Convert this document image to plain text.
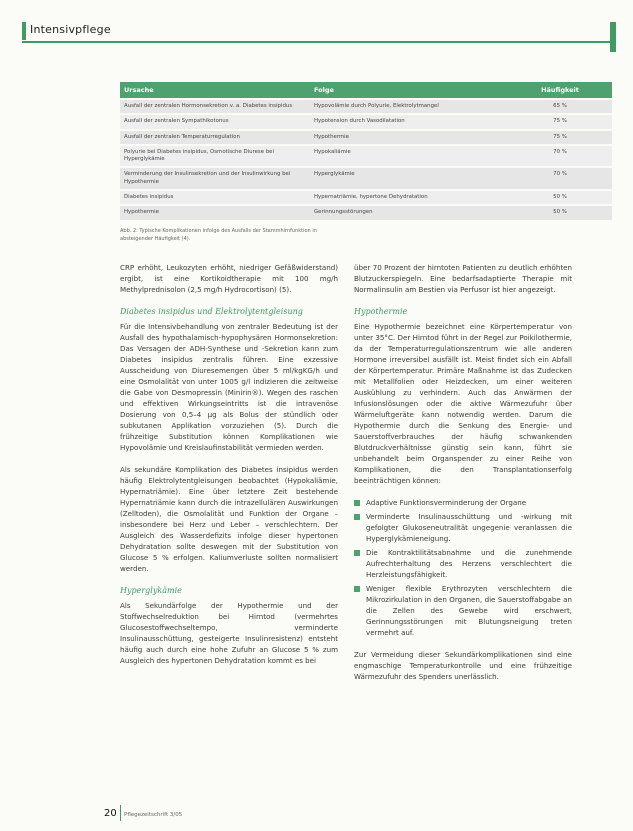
Intensivpflege
Ursache	Folge	Häufigkeit
Ausfall der zentralen Hormonsekretion v. a. Diabetes insipidus	Hypovolämie durch Polyurie, Elektrolytmangel	65 %
Ausfall der zentralen Sympathikotonus	Hypotension durch Vasodilatation	75 %
Ausfall der zentralen Temperaturregulation	Hypothermie	75 %
Polyurie bei Diabetes insipidus, Osmotische Diurese bei Hyperglykämie	Hypokaliämie	70 %
Verminderung der Insulinsekretion und der Insulinwirkung bei Hypothermie	Hyperglykämie	70 %
Diabetes insipidus	Hypernatriämie, hypertone Dehydratation	50 %
Hypothermie	Gerinnungsstörungen	50 %
Abb. 2: Typische Komplikationen infolge des Ausfalls der Stammhirnfunktion in absteigender Häufigkeit (4).

CRP erhöht, Leukozyten erhöht, niedriger Gefäßwiderstand) ergibt, ist eine Kortikoidtherapie mit 100 mg/h Methylprednisolon (2,5 mg/h Hydrocortison) (5).

Diabetes insipidus und Elektrolytentgleisung

Für die Intensivbehandlung von zentraler Bedeutung ist der Ausfall des hypothalamisch-hypophysären Hormonsekretion: Das Versagen der ADH-Synthese und -Sekretion kann zum Diabetes insipidus zentralis führen. Eine exzessive Ausscheidung von Diuresemengen über 5 ml/kgKG/h und eine Osmolalität von unter 1005 g/l indizieren die zeitweise die Gabe von Desmopressin (Minirin®). Wegen des raschen und effektiven Wirkungseintritts ist die intravenöse Dosierung von 0,5–4 µg als Bolus der stündlich oder subkutanen Applikation vorzuziehen (5). Durch die frühzeitige Substitution können Komplikationen wie Hypovolämie und Kreislaufinstabilität vermieden werden.

Als sekundäre Komplikation des Diabetes insipidus werden häufig Elektrolytentgleisungen beobachtet (Hypokaliämie, Hypernatriämie). Eine über letztere Zeit bestehende Hypernatriämie kann durch die intrazellulären Auswirkungen (Zelltoden), die Osmolalität und Funktion der Organe – insbesondere bei Herz und Leber – verschlechtern. Der Ausgleich des Wasserdefizits infolge dieser hypertonen Dehydratation sollte deswegen mit der Substitution von Glucose 5 % erfolgen. Kaliumverluste sollten normalisiert werden.

Hyperglykämie

Als Sekundärfolge der Hypothermie und der Stoffwechselreduktion bei Hirntod (vermehrtes Glucosestoffwechseltempo, verminderte Insulinausschüttung, gesteigerte Insulinresistenz) entsteht häufig auch durch eine hohe Zufuhr an Glucose 5 % zum Ausgleich des hypertonen Dehydratation kommt es bei

über 70 Prozent der hirntoten Patienten zu deutlich erhöhten Blutzuckerspiegeln. Eine bedarfsadaptierte Therapie mit Normalinsulin am Bestien via Perfusor ist hier angezeigt.

Hypothermie

Eine Hypothermie bezeichnet eine Körpertemperatur von unter 35°C. Der Hirntod führt in der Regel zur Poikilothermie, da der Temperaturregulationszentrum wie alle anderen Hormone irreversibel ausfällt ist. Meist findet sich ein Abfall der Körpertemperatur. Primäre Maßnahme ist das Zudecken mit Metallfolien oder Heizdecken, um einer weiteren Auskühlung zu verhindern. Auch das Anwärmen der Infusionslösungen oder die aktive Wärmezufuhr über Wärmeluftgeräte kann notwendig werden. Darum die Hypothermie durch die Senkung des Energie- und Sauerstoffverbrauches der häufig schwankenden Blutdruckverhältnisse günstig sein kann, führt sie unbehandelt beim Organspender zu einer Reihe von Komplikationen, die den Transplantationserfolg beeinträchtigen können:

Adaptive Funktionsverminderung der Organe
Verminderte Insulinausschüttung und -wirkung mit gefolgter Glukoseneutralität ungegenie veranlassen die Hyperglykämieneigung.
Die Kontraktilitätsabnahme und die zunehmende Aufrechterhaltung des Herzens verschlechtert die Herzleistungsfähigkeit.
Weniger flexible Erythrozyten verschlechtern die Mikrozirkulation in den Organen, die Sauerstoffabgabe an die Zellen des Gewebe wird erschwert, Gerinnungsstörungen mit Blutungsneigung treten vermehrt auf.

Zur Vermeidung dieser Sekundärkomplikationen sind eine engmaschige Temperaturkontrolle und eine frühzeitige Wärmezufuhr des Spenders unerlässlich.

20 Pflegezeitschrift 3/05
